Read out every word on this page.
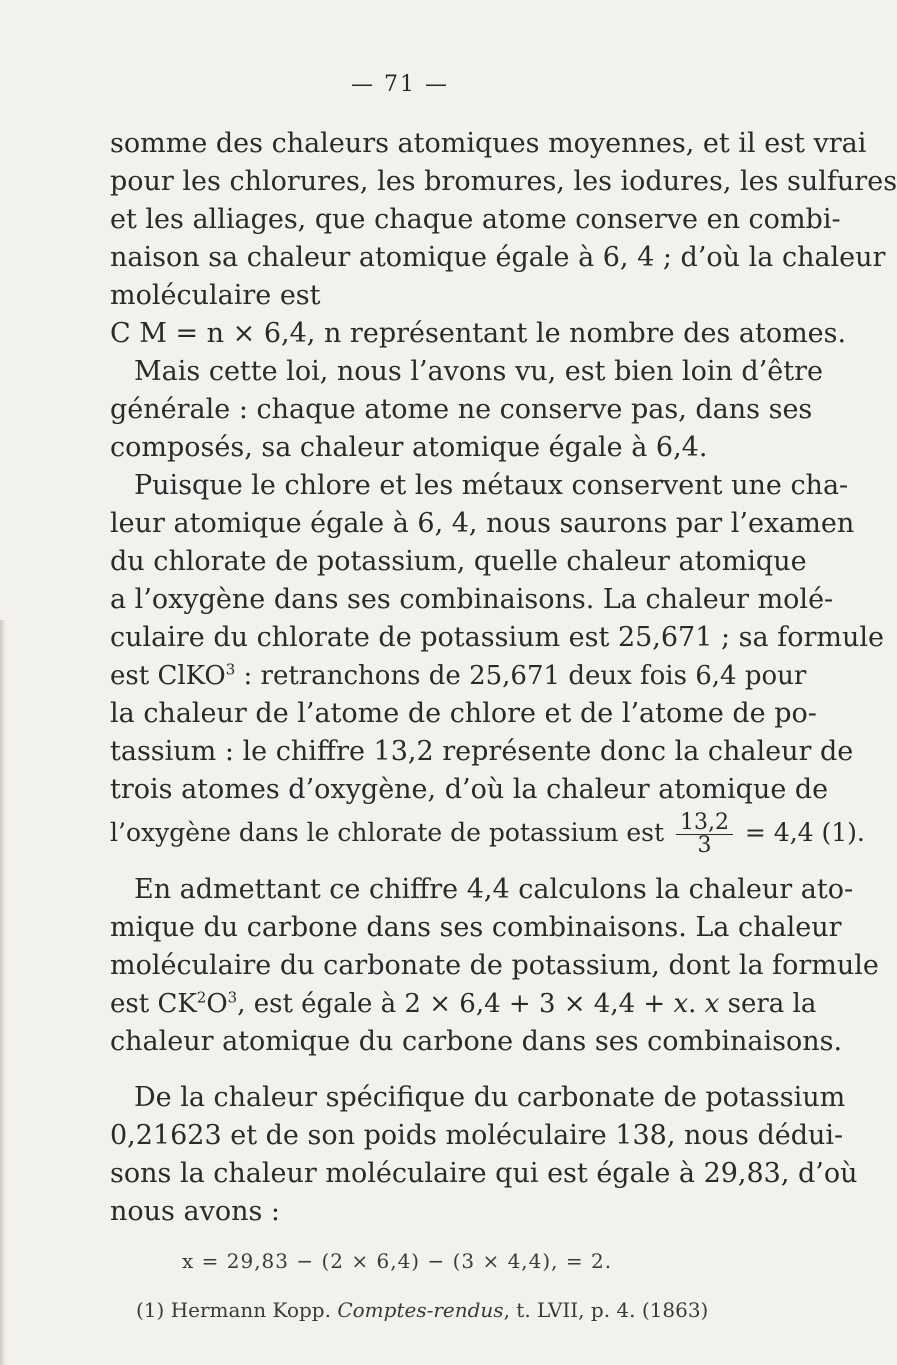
— 71 —
somme des chaleurs atomiques moyennes, et il est vrai
pour les chlorures, les bromures, les iodures, les sulfures
et les alliages, que chaque atome conserve en combi-
naison sa chaleur atomique égale à 6, 4 ; d’où la chaleur
moléculaire est
C M = n × 6,4, n représentant le nombre des atomes.
Mais cette loi, nous l’avons vu, est bien loin d’être
générale : chaque atome ne conserve pas, dans ses
composés, sa chaleur atomique égale à 6,4.
Puisque le chlore et les métaux conservent une cha-
leur atomique égale à 6, 4, nous saurons par l’examen
du chlorate de potassium, quelle chaleur atomique
a l’oxygène dans ses combinaisons. La chaleur molé-
culaire du chlorate de potassium est 25,671 ; sa formule
est ClKO$^3$ : retranchons de 25,671 deux fois 6,4 pour
la chaleur de l’atome de chlore et de l’atome de po-
tassium : le chiffre 13,2 représente donc la chaleur de
trois atomes d’oxygène, d’où la chaleur atomique de
l’oxygène dans le chlorate de potassium est $\frac{13,2}{3} = 4,4$ (1).
En admettant ce chiffre 4,4 calculons la chaleur ato-
mique du carbone dans ses combinaisons. La chaleur
moléculaire du carbonate de potassium, dont la formule
est $CK^2O^3$, est égale à 2 × 6,4 + 3 × 4,4 + x. x sera la
chaleur atomique du carbone dans ses combinaisons.
De la chaleur spécifique du carbonate de potassium
0,21623 et de son poids moléculaire 138, nous dédui-
sons la chaleur moléculaire qui est égale à 29,83, d’où
nous avons :
x = 29,83 − (2 × 6,4) − (3 × 4,4), = 2.
(1) Hermann Kopp. Comptes-rendus, t. LVII, p. 4. (1863)
